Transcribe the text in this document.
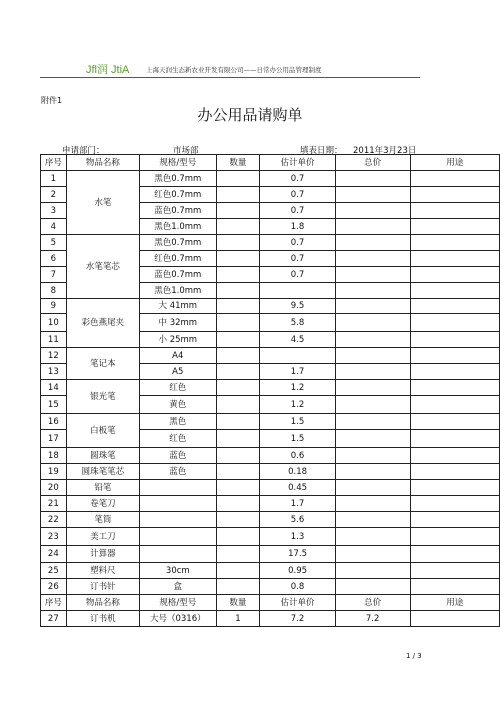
Jfl润 JtiA	上海天润生态新农业开发有限公司——日常办公用品管理制度
附件1
办公用品请购单
申请部门：	市场部	填表日期： 2011年3月23日
序号	物品名称	规格/型号	数量	估计单价	总价	用途
1	水笔	黑色0.7mm		0.7		
2		红色0.7mm		0.7		
3		蓝色0.7mm		0.7		
4		黑色1.0mm		1.8		
5	水笔笔芯	黑色0.7mm		0.7		
6		红色0.7mm		0.7		
7		蓝色0.7mm		0.7		
8		黑色1.0mm				
9	彩色燕尾夹	大 41mm		9.5		
10		中 32mm		5.8		
11		小 25mm		4.5		
12	笔记本	A4				
13		A5		1.7		
14	银光笔	红色		1.2		
15		黄色		1.2		
16	白板笔	黑色		1.5		
17		红色		1.5		
18	圆珠笔	蓝色		0.6		
19	圆珠笔笔芯	蓝色		0.18		
20	铅笔			0.45		
21	卷笔刀			1.7		
22	笔筒			5.6		
23	美工刀			1.3		
24	计算器			17.5		
25	塑料尺	30cm		0.95		
26	订书针	盒		0.8		
序号	物品名称	规格/型号	数量	估计单价	总价	用途
27	订书机	大号（0316）	1	7.2	7.2	
1 / 3
